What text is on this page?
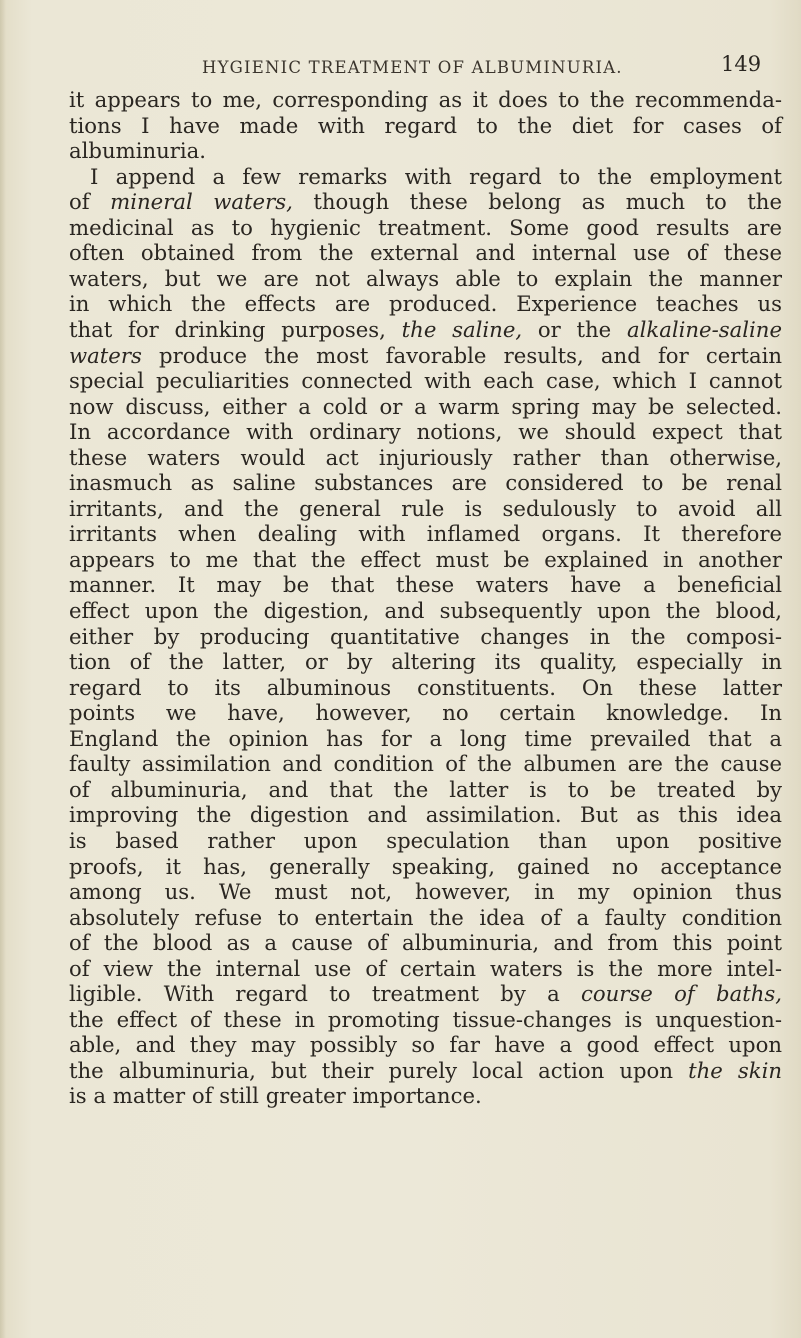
HYGIENIC TREATMENT OF ALBUMINURIA.	149
it appears to me, corresponding as it does to the recommenda-
tions I have made with regard to the diet for cases of
albuminuria.
I append a few remarks with regard to the employment
of mineral waters, though these belong as much to the
medicinal as to hygienic treatment. Some good results are
often obtained from the external and internal use of these
waters, but we are not always able to explain the manner
in which the effects are produced. Experience teaches us
that for drinking purposes, the saline, or the alkaline-saline
waters produce the most favorable results, and for certain
special peculiarities connected with each case, which I cannot
now discuss, either a cold or a warm spring may be selected.
In accordance with ordinary notions, we should expect that
these waters would act injuriously rather than otherwise,
inasmuch as saline substances are considered to be renal
irritants, and the general rule is sedulously to avoid all
irritants when dealing with inflamed organs. It therefore
appears to me that the effect must be explained in another
manner. It may be that these waters have a beneficial
effect upon the digestion, and subsequently upon the blood,
either by producing quantitative changes in the composi-
tion of the latter, or by altering its quality, especially in
regard to its albuminous constituents. On these latter
points we have, however, no certain knowledge. In
England the opinion has for a long time prevailed that a
faulty assimilation and condition of the albumen are the cause
of albuminuria, and that the latter is to be treated by
improving the digestion and assimilation. But as this idea
is based rather upon speculation than upon positive
proofs, it has, generally speaking, gained no acceptance
among us. We must not, however, in my opinion thus
absolutely refuse to entertain the idea of a faulty condition
of the blood as a cause of albuminuria, and from this point
of view the internal use of certain waters is the more intel-
ligible. With regard to treatment by a course of baths,
the effect of these in promoting tissue-changes is unquestion-
able, and they may possibly so far have a good effect upon
the albuminuria, but their purely local action upon the skin
is a matter of still greater importance.
